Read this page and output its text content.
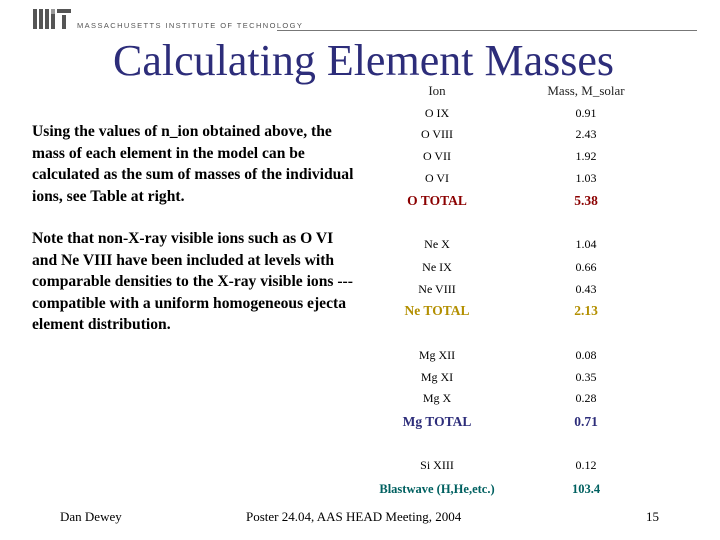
MASSACHUSETTS INSTITUTE OF TECHNOLOGY
Calculating Element Masses
Using the values of n_ion obtained above, the mass of each element in the model can be calculated as the sum of masses of the individual ions, see Table at right.
Note that non-X-ray visible ions such as O VI and Ne VIII have been included at levels with comparable densities to the X-ray visible ions --- compatible with a uniform homogeneous ejecta element distribution.
Ion	Mass, M_solar
O IX	0.91
O VIII	2.43
O VII	1.92
O VI	1.03
O TOTAL	5.38
Ne X	1.04
Ne IX	0.66
Ne VIII	0.43
Ne TOTAL	2.13
Mg XII	0.08
Mg XI	0.35
Mg X	0.28
Mg TOTAL	0.71
Si XIII	0.12
Blastwave (H,He,etc.)	103.4
Dan Dewey	Poster 24.04, AAS HEAD Meeting, 2004	15
